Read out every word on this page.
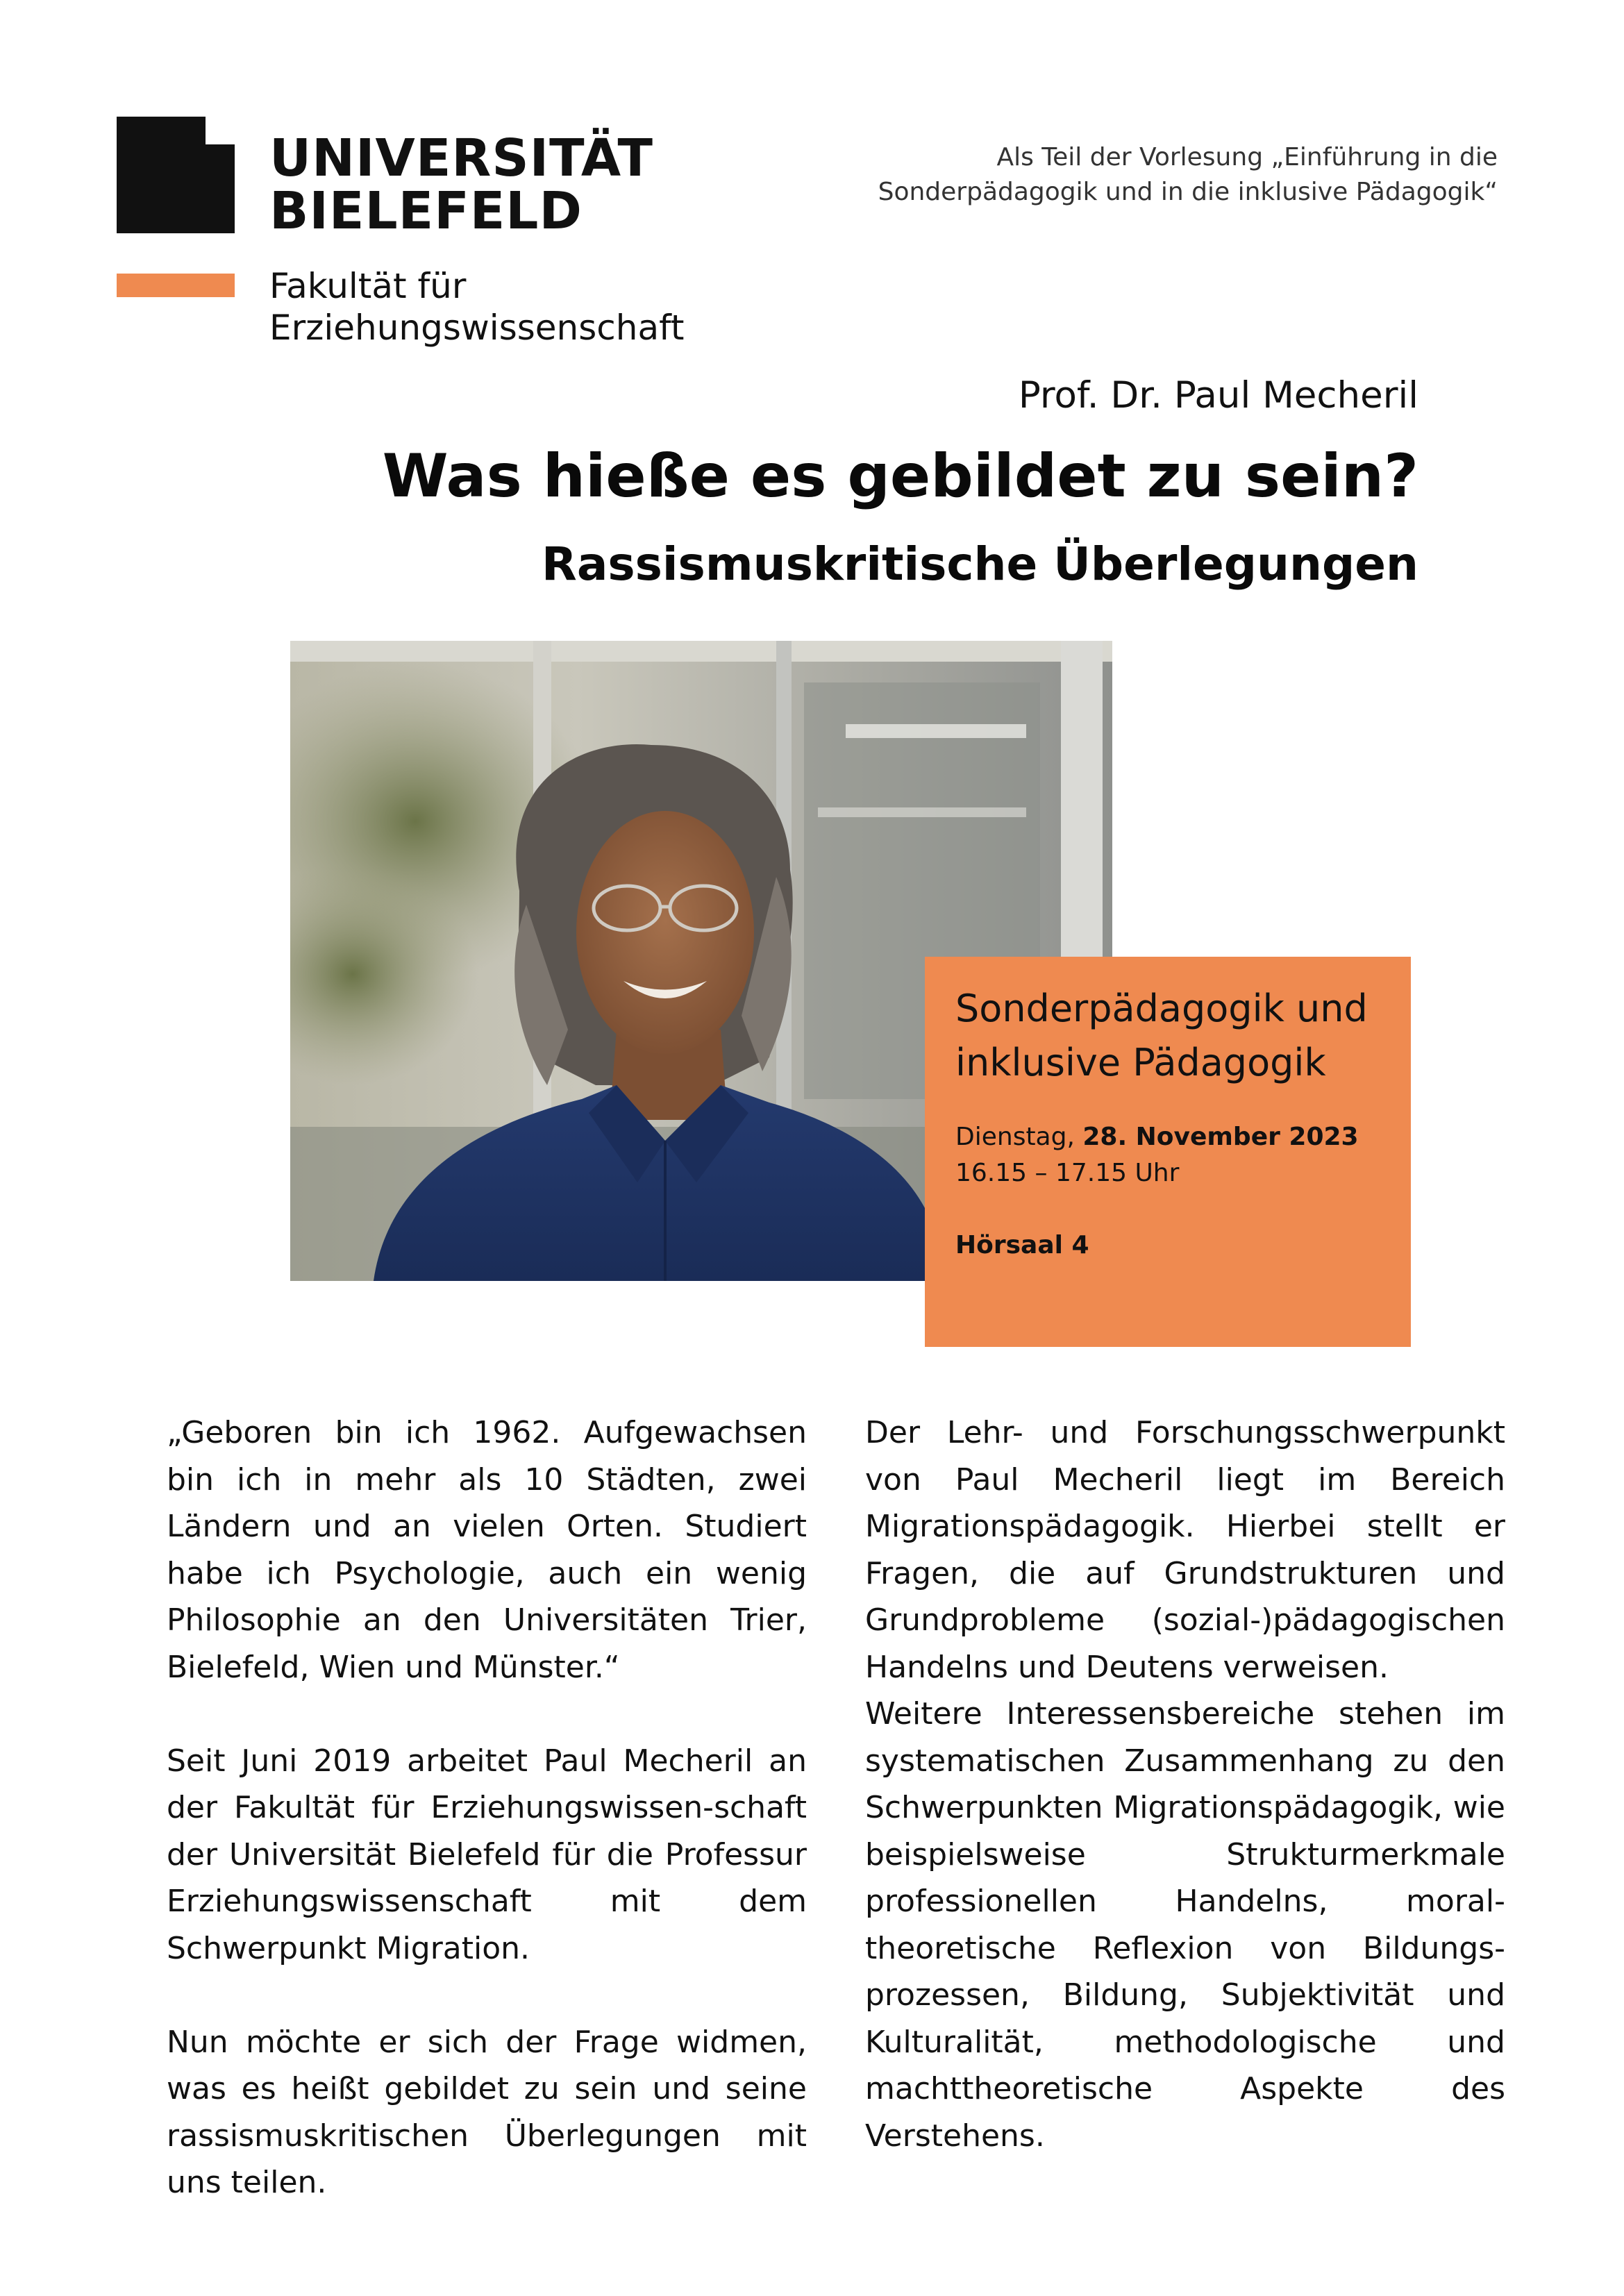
UNIVERSITÄT
BIELEFELD
Fakultät für
Erziehungswissenschaft
Als Teil der Vorlesung „Einführung in die
Sonderpädagogik und in die inklusive Pädagogik“
Prof. Dr. Paul Mecheril
Was hieße es gebildet zu sein?
Rassismuskritische Überlegungen
Sonderpädagogik und
inklusive Pädagogik
Dienstag, 28. November 2023
16.15 – 17.15 Uhr
Hörsaal 4

„Geboren bin ich 1962. Aufgewachsen bin ich in mehr als 10 Städten, zwei Ländern und an vielen Orten. Studiert habe ich Psychologie, auch ein wenig Philosophie an den Universitäten Trier, Bielefeld, Wien und Münster.“

Seit Juni 2019 arbeitet Paul Mecheril an der Fakultät für Erziehungswissen-schaft der Universität Bielefeld für die Professur Erziehungswissenschaft mit dem Schwerpunkt Migration.

Nun möchte er sich der Frage widmen, was es heißt gebildet zu sein und seine rassismuskritischen Überlegungen mit uns teilen.

Der Lehr- und Forschungsschwerpunkt von Paul Mecheril liegt im Bereich Migrationspädagogik. Hierbei stellt er Fragen, die auf Grundstrukturen und Grundprobleme (sozial-)pädagogischen Handelns und Deutens verweisen.

Weitere Interessensbereiche stehen im systematischen Zusammenhang zu den Schwerpunkten Migrationspädagogik, wie beispielsweise Strukturmerkmale professionellen Handelns, moral-theoretische Reflexion von Bildungs-prozessen, Bildung, Subjektivität und Kulturalität, methodologische und machttheoretische Aspekte des Verstehens.
